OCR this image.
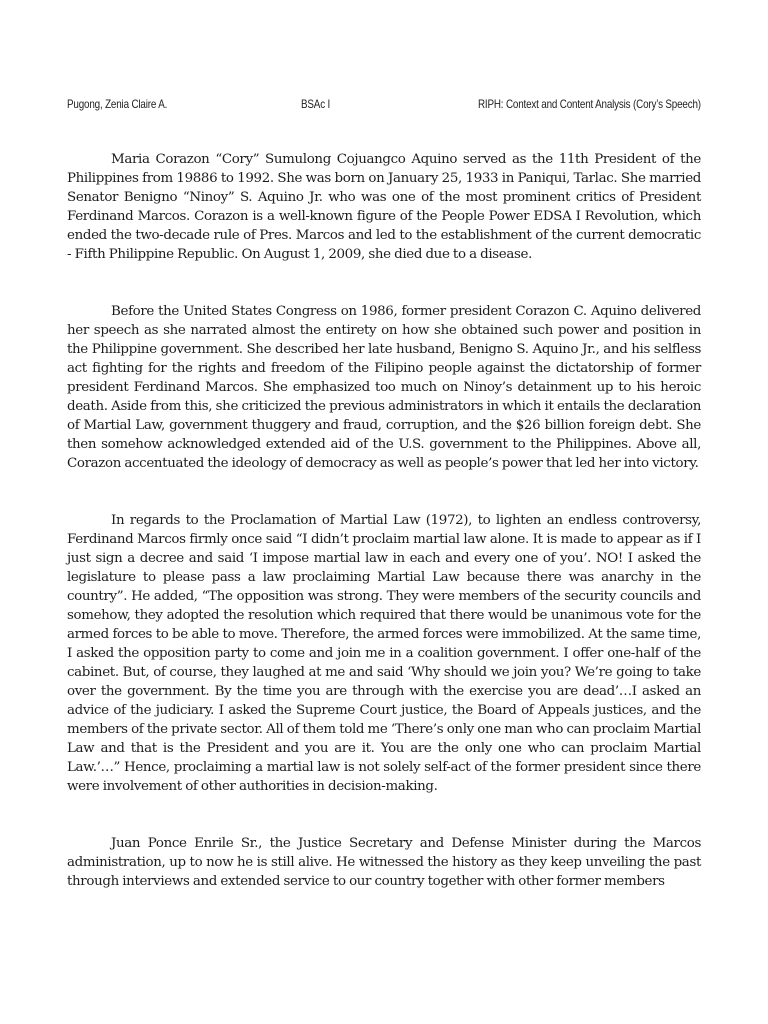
Pugong, Zenia Claire A.	BSAc I	RIPH: Context and Content Analysis (Cory’s Speech)

Maria Corazon “Cory” Sumulong Cojuangco Aquino served as the 11th President of the Philippines from 19886 to 1992. She was born on January 25, 1933 in Paniqui, Tarlac. She married Senator Benigno “Ninoy” S. Aquino Jr. who was one of the most prominent critics of President Ferdinand Marcos. Corazon is a well-known figure of the People Power EDSA I Revolution, which ended the two-decade rule of Pres. Marcos and led to the establishment of the current democratic - Fifth Philippine Republic. On August 1, 2009, she died due to a disease.

Before the United States Congress on 1986, former president Corazon C. Aquino delivered her speech as she narrated almost the entirety on how she obtained such power and position in the Philippine government. She described her late husband, Benigno S. Aquino Jr., and his selfless act fighting for the rights and freedom of the Filipino people against the dictatorship of former president Ferdinand Marcos. She emphasized too much on Ninoy’s detainment up to his heroic death. Aside from this, she criticized the previous administrators in which it entails the declaration of Martial Law, government thuggery and fraud, corruption, and the $26 billion foreign debt. She then somehow acknowledged extended aid of the U.S. government to the Philippines. Above all, Corazon accentuated the ideology of democracy as well as people’s power that led her into victory.

In regards to the Proclamation of Martial Law (1972), to lighten an endless controversy, Ferdinand Marcos firmly once said “I didn’t proclaim martial law alone. It is made to appear as if I just sign a decree and said ‘I impose martial law in each and every one of you’. NO! I asked the legislature to please pass a law proclaiming Martial Law because there was anarchy in the country”. He added, “The opposition was strong. They were members of the security councils and somehow, they adopted the resolution which required that there would be unanimous vote for the armed forces to be able to move. Therefore, the armed forces were immobilized. At the same time, I asked the opposition party to come and join me in a coalition government. I offer one-half of the cabinet. But, of course, they laughed at me and said ‘Why should we join you? We’re going to take over the government. By the time you are through with the exercise you are dead’…I asked an advice of the judiciary. I asked the Supreme Court justice, the Board of Appeals justices, and the members of the private sector. All of them told me ‘There’s only one man who can proclaim Martial Law and that is the President and you are it. You are the only one who can proclaim Martial Law.’…” Hence, proclaiming a martial law is not solely self-act of the former president since there were involvement of other authorities in decision-making.

Juan Ponce Enrile Sr., the Justice Secretary and Defense Minister during the Marcos administration, up to now he is still alive. He witnessed the history as they keep unveiling the past through interviews and extended service to our country together with other former members
